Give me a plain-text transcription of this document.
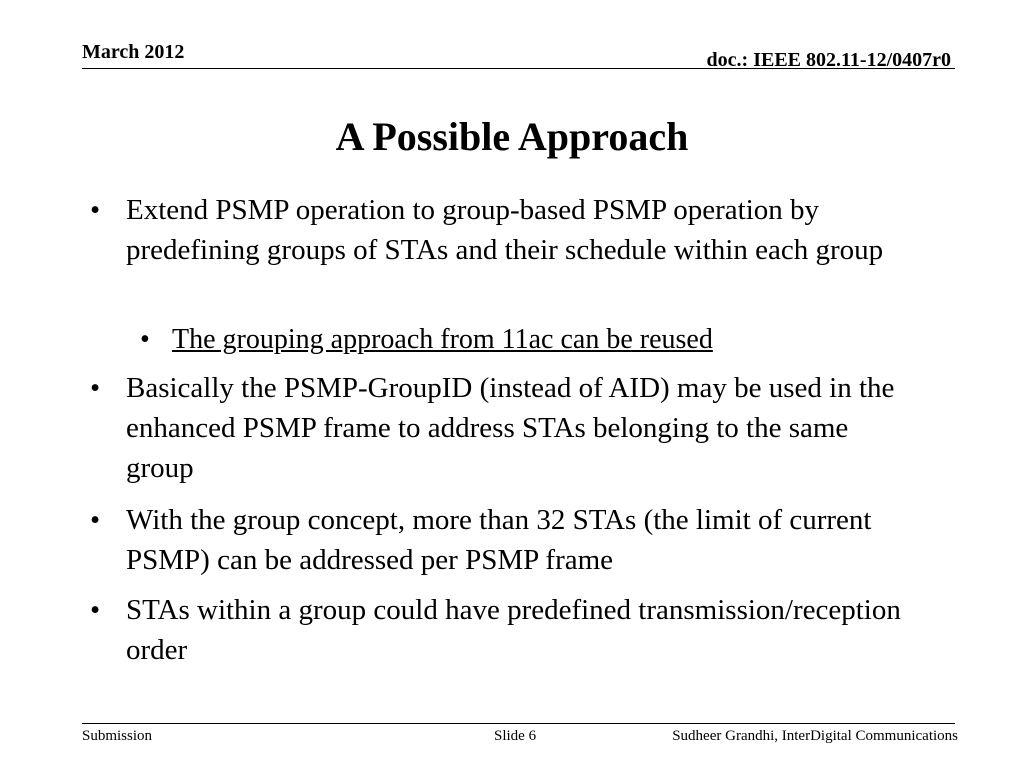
March 2012	doc.: IEEE 802.11-12/0407r0
A Possible Approach
• Extend PSMP operation to group-based PSMP operation by predefining groups of STAs and their schedule within each group
• The grouping approach from 11ac can be reused
• Basically the PSMP-GroupID (instead of AID) may be used in the enhanced PSMP frame to address STAs belonging to the same group
• With the group concept, more than 32 STAs (the limit of current PSMP) can be addressed per PSMP frame
• STAs within a group could have predefined transmission/reception order
Submission	Slide 6	Sudheer Grandhi, InterDigital Communications
